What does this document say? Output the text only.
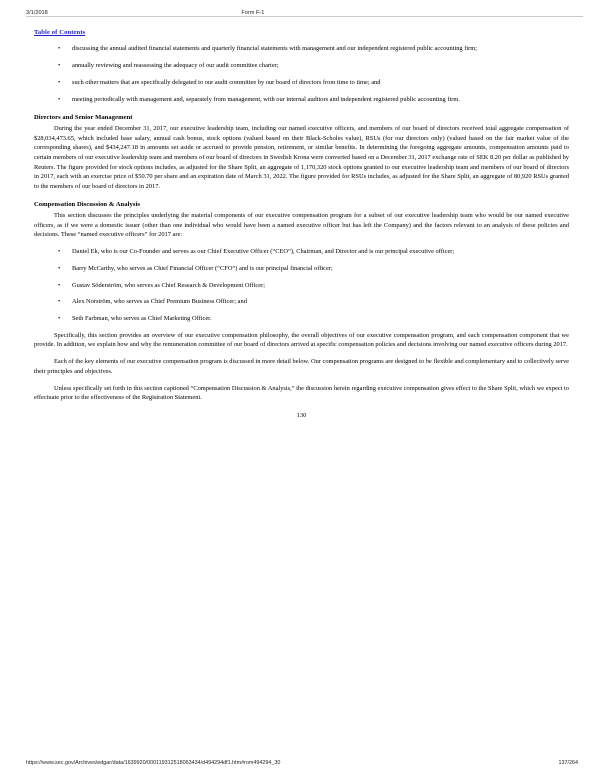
3/1/2018	Form F-1
Table of Contents
• discussing the annual audited financial statements and quarterly financial statements with management and our independent registered public accounting firm;
• annually reviewing and reassessing the adequacy of our audit committee charter;
• such other matters that are specifically delegated to our audit committee by our board of directors from time to time; and
• meeting periodically with management and, separately from management, with our internal auditors and independent registered public accounting firm.
Directors and Senior Management

During the year ended December 31, 2017, our executive leadership team, including our named executive officers, and members of our board of directors received total aggregate compensation of $28,034,473.65, which included base salary, annual cash bonus, stock options (valued based on their Black-Scholes value), RSUs (for our directors only) (valued based on the fair market value of the corresponding shares), and $434,247.18 in amounts set aside or accrued to provide pension, retirement, or similar benefits. In determining the foregoing aggregate amounts, compensation amounts paid to certain members of our executive leadership team and members of our board of directors in Swedish Krona were converted based on a December 31, 2017 exchange rate of SEK 8.20 per dollar as published by Reuters. The figure provided for stock options includes, as adjusted for the Share Split, an aggregate of 1,170,320 stock options granted to our executive leadership team and members of our board of directors in 2017, each with an exercise price of $50.70 per share and an expiration date of March 31, 2022. The figure provided for RSUs includes, as adjusted for the Share Split, an aggregate of 80,920 RSUs granted to the members of our board of directors in 2017.

Compensation Discussion & Analysis

This section discusses the principles underlying the material components of our executive compensation program for a subset of our executive leadership team who would be our named executive officers, as if we were a domestic issuer (other than one individual who would have been a named executive officer but has left the Company) and the factors relevant to an analysis of these policies and decisions. These “named executive officers” for 2017 are:

• Daniel Ek, who is our Co-Founder and serves as our Chief Executive Officer (“CEO”), Chairman, and Director and is our principal executive officer;
• Barry McCarthy, who serves as Chief Financial Officer (“CFO”) and is our principal financial officer;
• Gustav Söderström, who serves as Chief Research & Development Officer;
• Alex Norström, who serves as Chief Premium Business Officer; and
• Seth Farbman, who serves as Chief Marketing Officer.

Specifically, this section provides an overview of our executive compensation philosophy, the overall objectives of our executive compensation program, and each compensation component that we provide. In addition, we explain how and why the remuneration committee of our board of directors arrived at specific compensation policies and decisions involving our named executive officers during 2017.

Each of the key elements of our executive compensation program is discussed in more detail below. Our compensation programs are designed to be flexible and complementary and to collectively serve their principles and objectives.

Unless specifically set forth in this section captioned “Compensation Discussion & Analysis,” the discussion herein regarding executive compensation gives effect to the Share Split, which we expect to effectuate prior to the effectiveness of the Registration Statement.

130
https://www.sec.gov/Archives/edgar/data/1639920/000119312518063434/d494294df1.htm#rom494294_30	137/264
